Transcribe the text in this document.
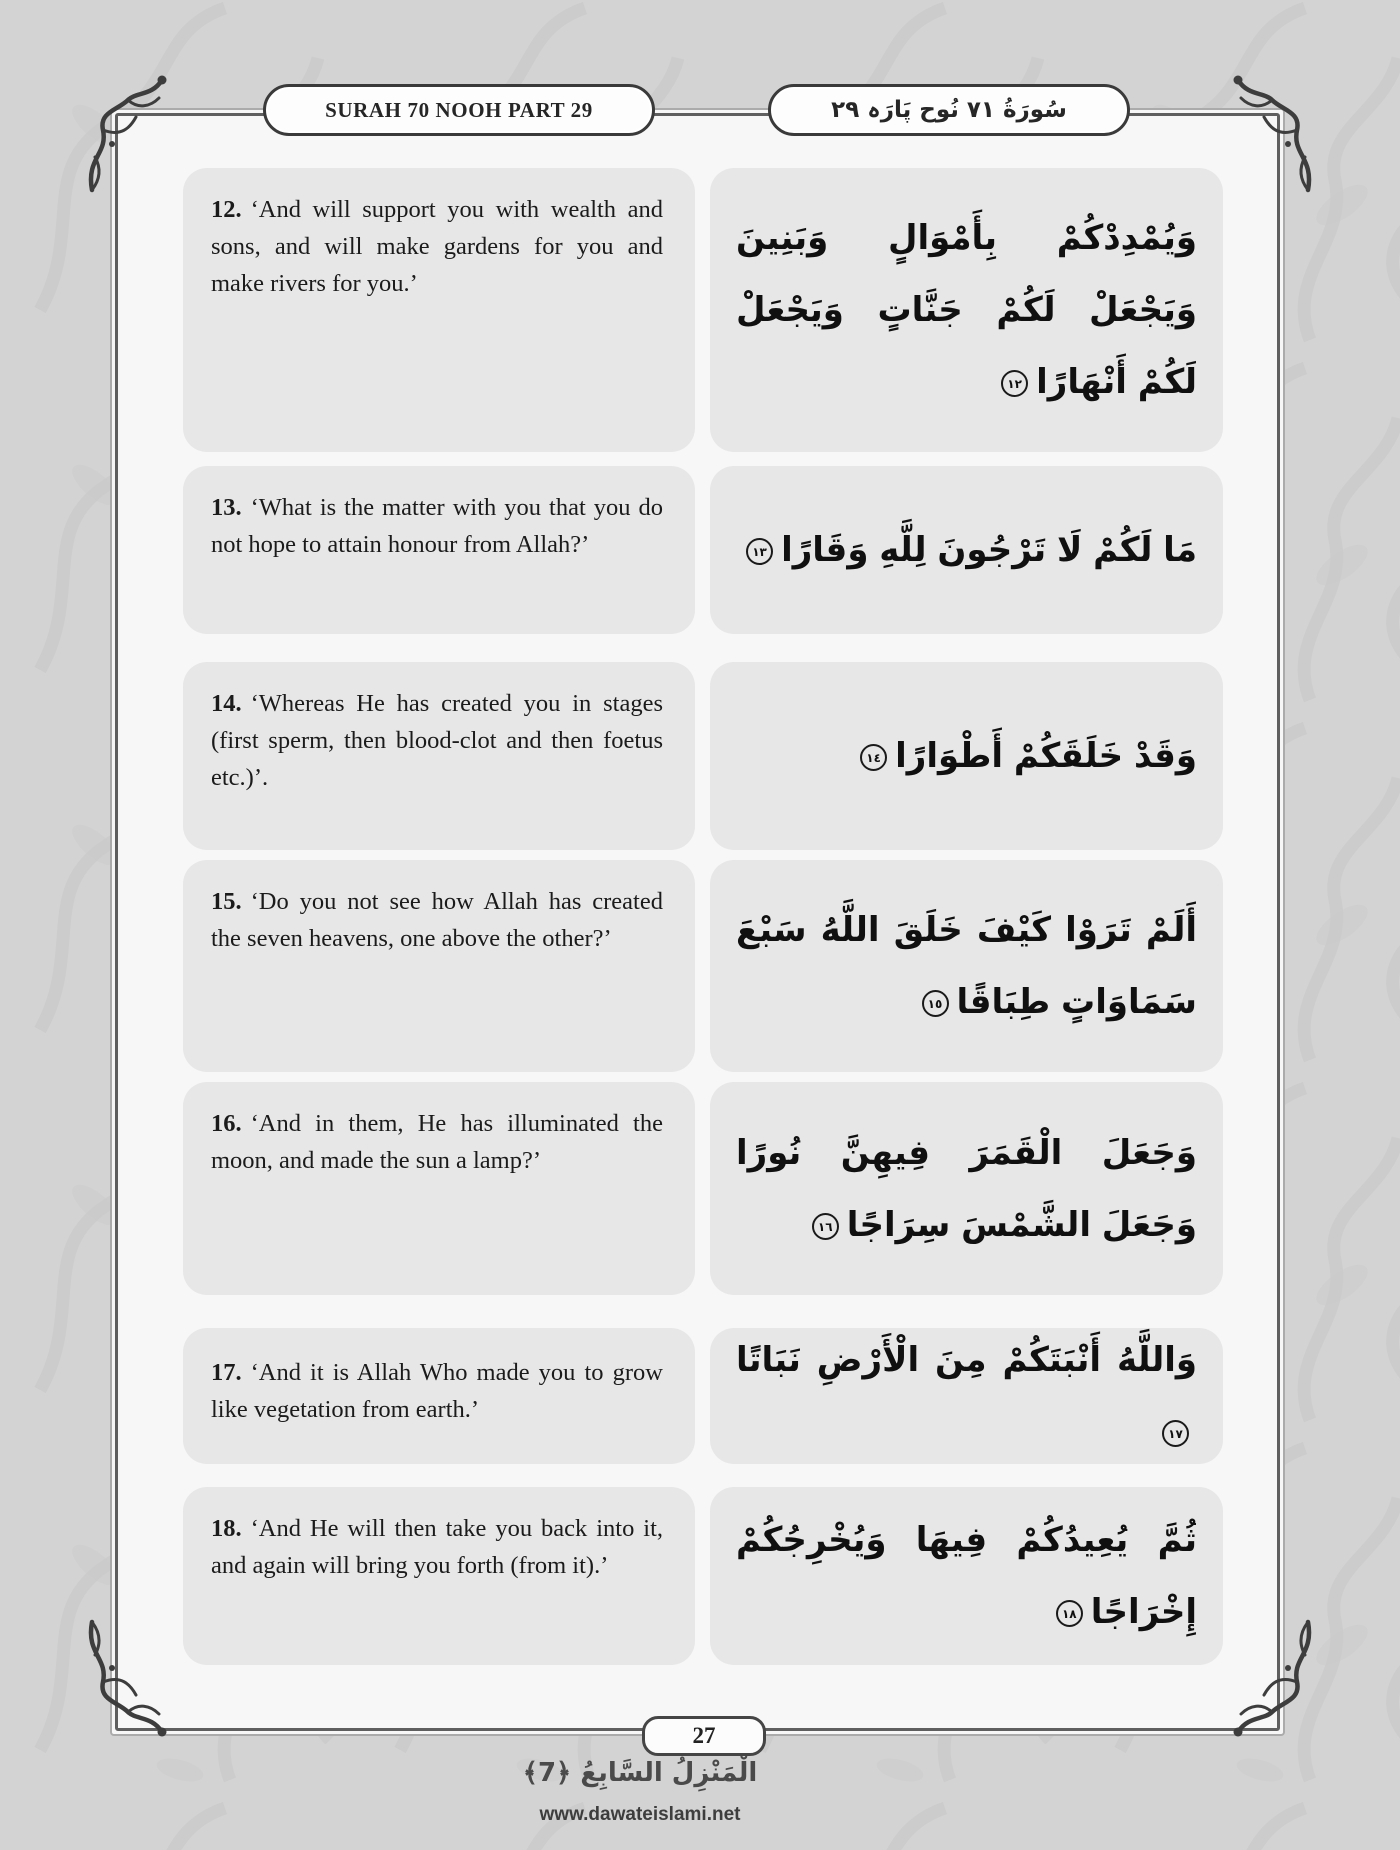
SURAH 70 NOOH PART 29	سُورَةُ ٧١ نُوح پَارَہ ٢٩

12. ‘And will support you with wealth and sons, and will make gardens for you and make rivers for you.’

وَيُمْدِدْكُمْ بِأَمْوَالٍ وَبَنِينَ وَيَجْعَلْ لَكُمْ جَنَّاتٍ وَيَجْعَلْ لَكُمْ أَنْهَارًا١٢

13. ‘What is the matter with you that you do not hope to attain honour from Allah?’	مَا لَكُمْ لَا تَرْجُونَ لِلَّهِ وَقَارًا١٣

14. ‘Whereas He has created you in stages (first sperm, then blood-clot and then foetus etc.)’.

وَقَدْ خَلَقَكُمْ أَطْوَارًا١٤

15. ‘Do you not see how Allah has created the seven heavens, one above the other?’	أَلَمْ تَرَوْا كَيْفَ خَلَقَ اللَّهُ سَبْعَ سَمَاوَاتٍ طِبَاقًا١٥

16. ‘And in them, He has illuminated the moon, and made the sun a lamp?’	وَجَعَلَ الْقَمَرَ فِيهِنَّ نُورًا وَجَعَلَ الشَّمْسَ سِرَاجًا١٦

17. ‘And it is Allah Who made you to grow like vegetation from earth.’

وَاللَّهُ أَنْبَتَكُمْ مِنَ الْأَرْضِ نَبَاتًا١٧

18. ‘And He will then take you back into it, and again will bring you forth (from it).’

ثُمَّ يُعِيدُكُمْ فِيهَا وَيُخْرِجُكُمْ إِخْرَاجًا١٨

27
الْمَنْزِلُ السَّابِعُ ﴿7﴾
www.dawateislami.net
